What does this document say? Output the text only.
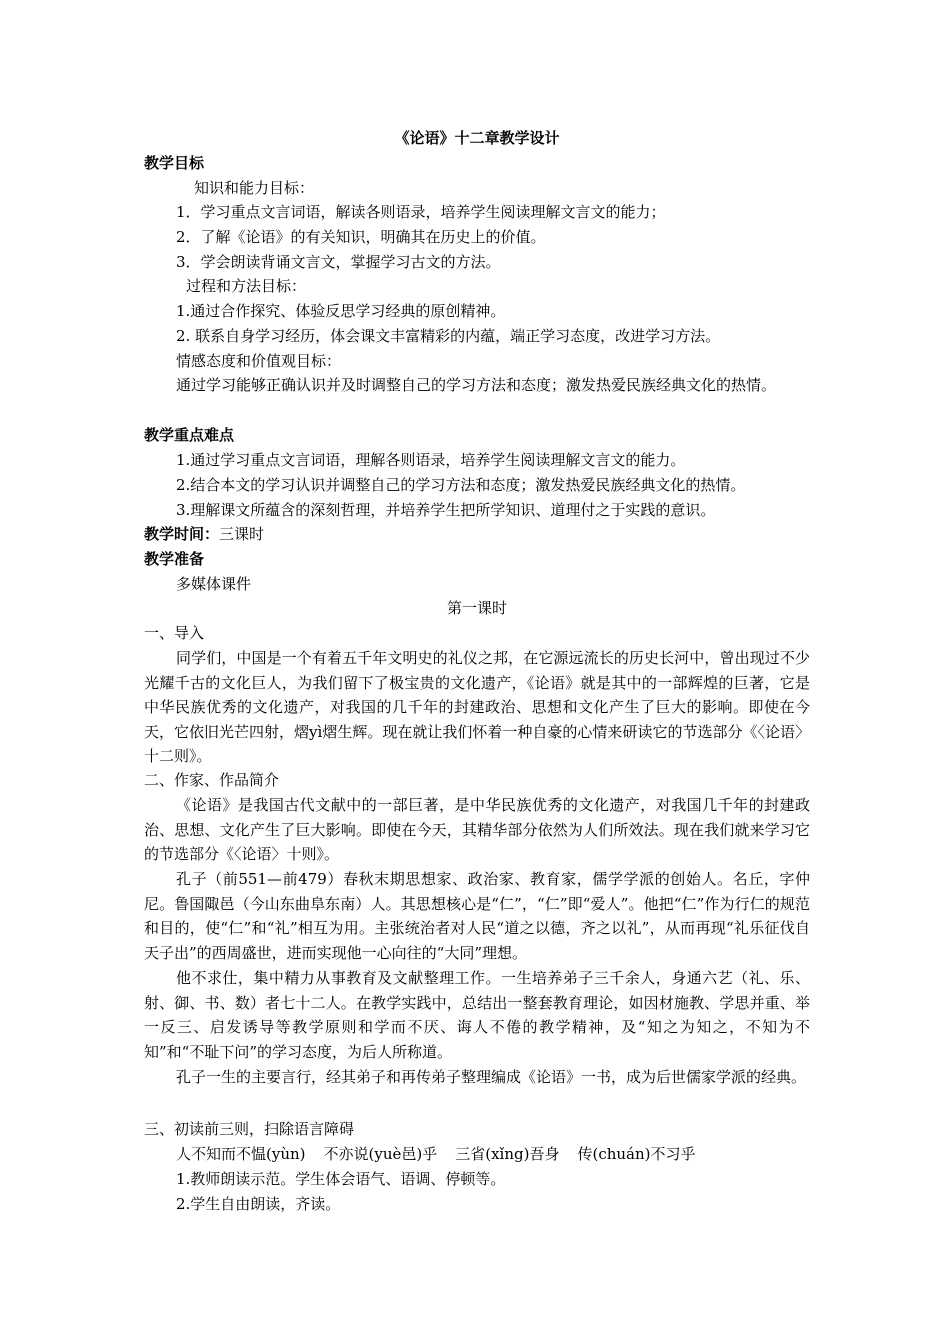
《论语》十二章教学设计
教学目标
知识和能力目标：
1．学习重点文言词语，解读各则语录，培养学生阅读理解文言文的能力；
2．了解《论语》的有关知识，明确其在历史上的价值。
3．学会朗读背诵文言文，掌握学习古文的方法。
过程和方法目标：
1.通过合作探究、体验反思学习经典的原创精神。
2. 联系自身学习经历，体会课文丰富精彩的内蕴，端正学习态度，改进学习方法。
情感态度和价值观目标：
通过学习能够正确认识并及时调整自己的学习方法和态度；激发热爱民族经典文化的热情。
教学重点难点
1.通过学习重点文言词语，理解各则语录，培养学生阅读理解文言文的能力。
2.结合本文的学习认识并调整自己的学习方法和态度；激发热爱民族经典文化的热情。
3.理解课文所蕴含的深刻哲理，并培养学生把所学知识、道理付之于实践的意识。
教学时间：三课时
教学准备
多媒体课件
第一课时
一、导入
同学们，中国是一个有着五千年文明史的礼仪之邦，在它源远流长的历史长河中，曾出现过不少光耀千古的文化巨人，为我们留下了极宝贵的文化遗产，《论语》就是其中的一部辉煌的巨著，它是中华民族优秀的文化遗产，对我国的几千年的封建政治、思想和文化产生了巨大的影响。即使在今天，它依旧光芒四射，熠yì熠生辉。现在就让我们怀着一种自豪的心情来研读它的节选部分《〈论语〉十二则》。
二、作家、作品简介
《论语》是我国古代文献中的一部巨著，是中华民族优秀的文化遗产，对我国几千年的封建政治、思想、文化产生了巨大影响。即使在今天，其精华部分依然为人们所效法。现在我们就来学习它的节选部分《〈论语〉十则》。
孔子（前551—前479）春秋末期思想家、政治家、教育家，儒学学派的创始人。名丘，字仲尼。鲁国陬邑（今山东曲阜东南）人。其思想核心是“仁”，“仁”即“爱人”。他把“仁”作为行仁的规范和目的，使“仁”和“礼”相互为用。主张统治者对人民“道之以德，齐之以礼”，从而再现“礼乐征伐自天子出”的西周盛世，进而实现他一心向往的“大同”理想。
他不求仕，集中精力从事教育及文献整理工作。一生培养弟子三千余人，身通六艺（礼、乐、射、御、书、数）者七十二人。在教学实践中，总结出一整套教育理论，如因材施教、学思并重、举一反三、启发诱导等教学原则和学而不厌、诲人不倦的教学精神，及“知之为知之，不知为不知”和“不耻下问”的学习态度，为后人所称道。
孔子一生的主要言行，经其弟子和再传弟子整理编成《论语》一书，成为后世儒家学派的经典。
三、初读前三则，扫除语言障碍
人不知而不愠(yùn) 不亦说(yuè邑)乎 三省(xǐng)吾身 传(chuán)不习乎
1.教师朗读示范。学生体会语气、语调、停顿等。
2.学生自由朗读，齐读。
